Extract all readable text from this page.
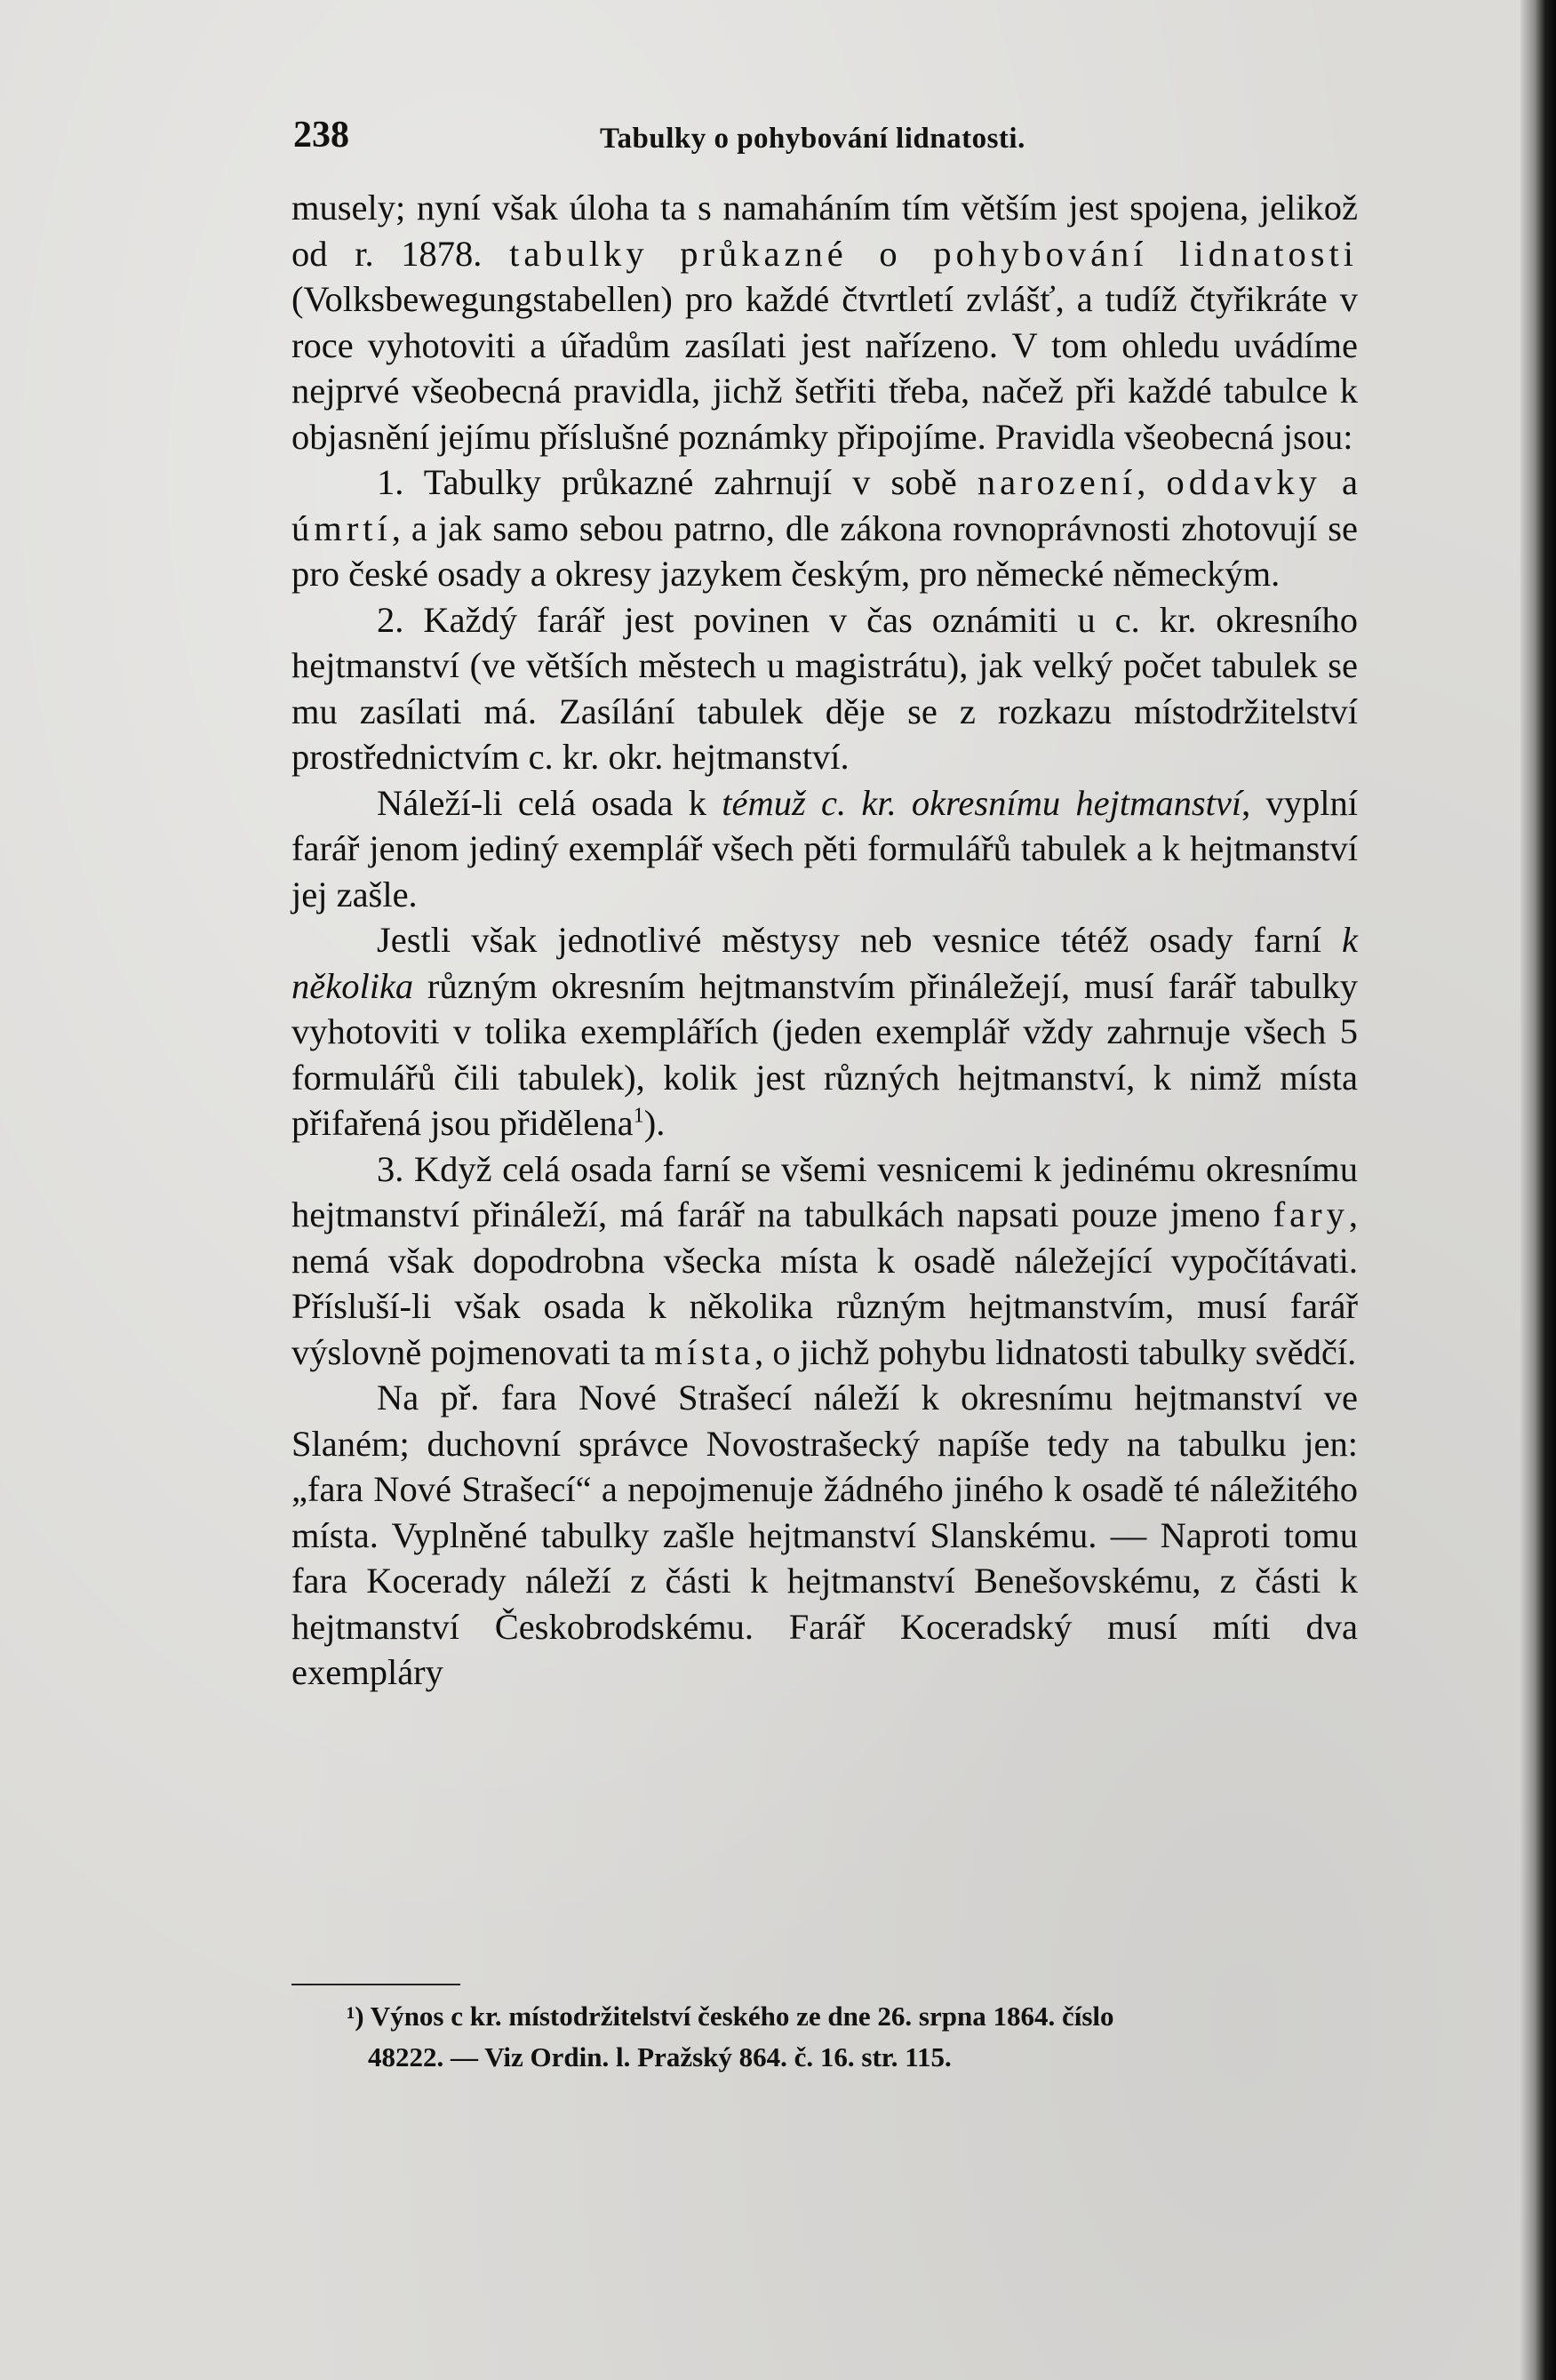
238	Tabulky o pohybování lidnatosti.

musely; nyní však úloha ta s namaháním tím větším jest spojena, jelikož od r. 1878. tabulky průkazné o pohybování lidnatosti (Volksbewegungstabellen) pro každé čtvrtletí zvlášť, a tudíž čtyřikráte v roce vyhotoviti a úřadům zasílati jest nařízeno. V tom ohledu uvádíme nejprvé všeobecná pravidla, jichž šetřiti třeba, načež při každé tabulce k objasnění jejímu příslušné poznámky připojíme. Pravidla všeobecná jsou:

1. Tabulky průkazné zahrnují v sobě narození, oddavky a úmrtí, a jak samo sebou patrno, dle zákona rovnoprávnosti zhotovují se pro české osady a okresy jazykem českým, pro německé německým.

2. Každý farář jest povinen v čas oznámiti u c. kr. okresního hejtmanství (ve větších městech u magistrátu), jak velký počet tabulek se mu zasílati má. Zasílání tabulek děje se z rozkazu místodržitelství prostřednictvím c. kr. okr. hejtmanství.

Náleží-li celá osada k témuž c. kr. okresnímu hejtmanství, vyplní farář jenom jediný exemplář všech pěti formulářů tabulek a k hejtmanství jej zašle.

Jestli však jednotlivé městysy neb vesnice tétéž osady farní k několika různým okresním hejtmanstvím přináležejí, musí farář tabulky vyhotoviti v tolika exemplářích (jeden exemplář vždy zahrnuje všech 5 formulářů čili tabulek), kolik jest různých hejtmanství, k nimž místa přifařená jsou přidělena$^1$).

3. Když celá osada farní se všemi vesnicemi k jedinému okresnímu hejtmanství přináleží, má farář na tabulkách napsati pouze jmeno fary, nemá však dopodrobna všecka místa k osadě náležející vypočítávati. Přísluší-li však osada k několika různým hejtmanstvím, musí farář výslovně pojmenovati ta místa, o jichž pohybu lidnatosti tabulky svědčí.

Na př. fara Nové Strašecí náleží k okresnímu hejtmanství ve Slaném; duchovní správce Novostrašecký napíše tedy na tabulku jen: „fara Nové Strašecí“ a nepojmenuje žádného jiného k osadě té náležitého místa. Vyplněné tabulky zašle hejtmanství Slanskému. — Naproti tomu fara Kocerady náleží z části k hejtmanství Benešovskému, z části k hejtmanství Českobrodskému. Farář Koceradský musí míti dva exempláry

¹) Výnos c kr. místodržitelství českého ze dne 26. srpna 1864. číslo

48222. — Viz Ordin. l. Pražský 864. č. 16. str. 115.
